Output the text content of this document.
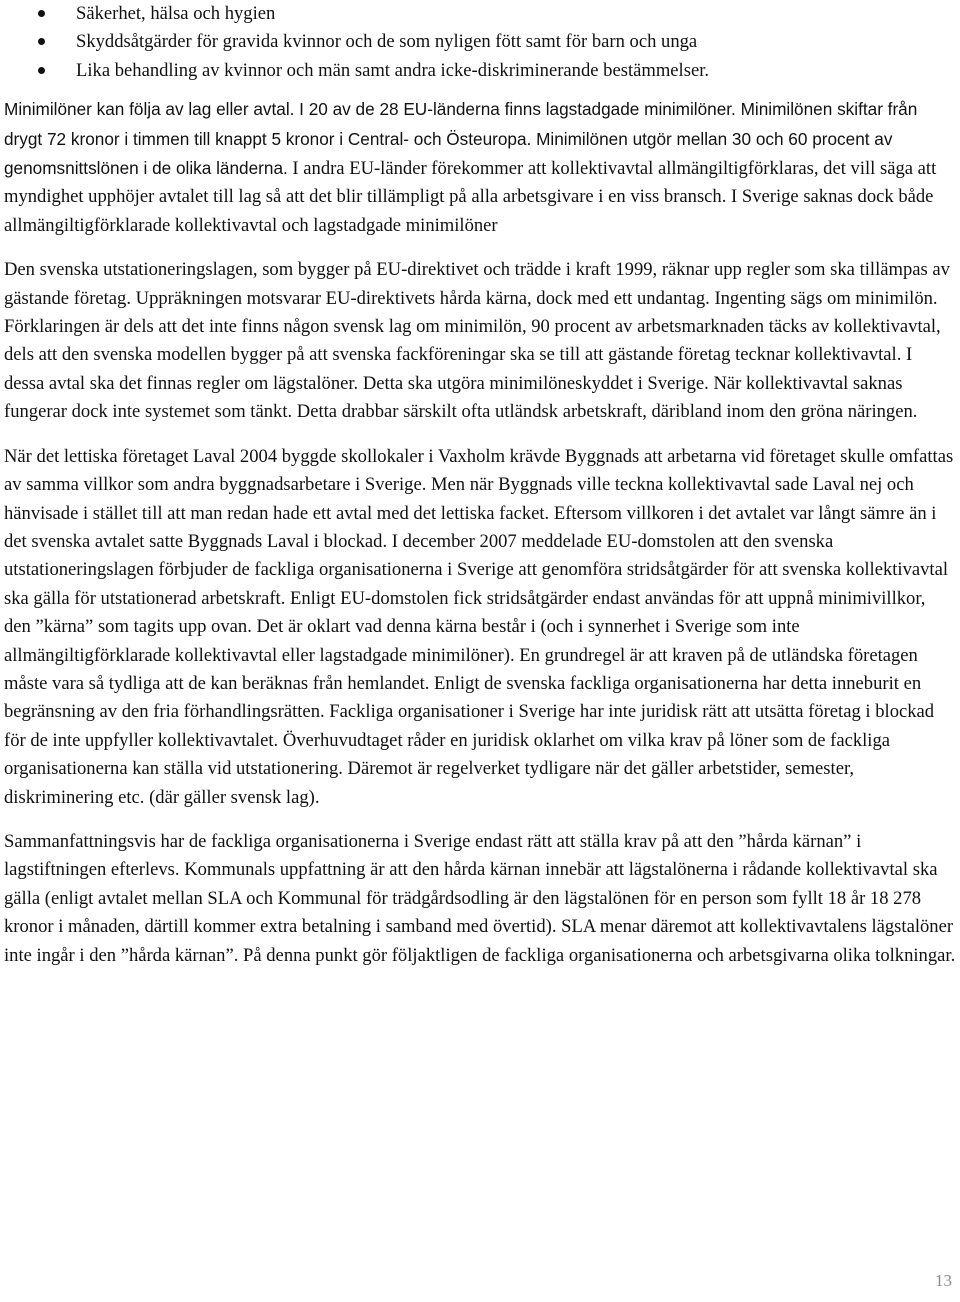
Säkerhet, hälsa och hygien
Skyddsåtgärder för gravida kvinnor och de som nyligen fött samt för barn och unga
Lika behandling av kvinnor och män samt andra icke-diskriminerande bestämmelser.

Minimilöner kan följa av lag eller avtal. I 20 av de 28 EU-länderna finns lagstadgade minimilöner. Minimilönen skiftar från drygt 72 kronor i timmen till knappt 5 kronor i Central- och Östeuropa. Minimilönen utgör mellan 30 och 60 procent av genomsnittslönen i de olika länderna. I andra EU-länder förekommer att kollektivavtal allmängiltigförklaras, det vill säga att myndighet upphöjer avtalet till lag så att det blir tillämpligt på alla arbetsgivare i en viss bransch. I Sverige saknas dock både allmängiltigförklarade kollektivavtal och lagstadgade minimilöner

Den svenska utstationeringslagen, som bygger på EU-direktivet och trädde i kraft 1999, räknar upp regler som ska tillämpas av gästande företag. Uppräkningen motsvarar EU-direktivets hårda kärna, dock med ett undantag. Ingenting sägs om minimilön. Förklaringen är dels att det inte finns någon svensk lag om minimilön, 90 procent av arbetsmarknaden täcks av kollektivavtal, dels att den svenska modellen bygger på att svenska fackföreningar ska se till att gästande företag tecknar kollektivavtal. I dessa avtal ska det finnas regler om lägstalöner. Detta ska utgöra minimilöneskyddet i Sverige. När kollektivavtal saknas fungerar dock inte systemet som tänkt. Detta drabbar särskilt ofta utländsk arbetskraft, däribland inom den gröna näringen.

När det lettiska företaget Laval 2004 byggde skollokaler i Vaxholm krävde Byggnads att arbetarna vid företaget skulle omfattas av samma villkor som andra byggnadsarbetare i Sverige. Men när Byggnads ville teckna kollektivavtal sade Laval nej och hänvisade i stället till att man redan hade ett avtal med det lettiska facket. Eftersom villkoren i det avtalet var långt sämre än i det svenska avtalet satte Byggnads Laval i blockad. I december 2007 meddelade EU-domstolen att den svenska utstationeringslagen förbjuder de fackliga organisationerna i Sverige att genomföra stridsåtgärder för att svenska kollektivavtal ska gälla för utstationerad arbetskraft. Enligt EU-domstolen fick stridsåtgärder endast användas för att uppnå minimivillkor, den ”kärna” som tagits upp ovan. Det är oklart vad denna kärna består i (och i synnerhet i Sverige som inte allmängiltigförklarade kollektivavtal eller lagstadgade minimilöner). En grundregel är att kraven på de utländska företagen måste vara så tydliga att de kan beräknas från hemlandet. Enligt de svenska fackliga organisationerna har detta inneburit en begränsning av den fria förhandlingsrätten. Fackliga organisationer i Sverige har inte juridisk rätt att utsätta företag i blockad för de inte uppfyller kollektivavtalet. Överhuvudtaget råder en juridisk oklarhet om vilka krav på löner som de fackliga organisationerna kan ställa vid utstationering. Däremot är regelverket tydligare när det gäller arbetstider, semester, diskriminering etc. (där gäller svensk lag).

Sammanfattningsvis har de fackliga organisationerna i Sverige endast rätt att ställa krav på att den ”hårda kärnan” i lagstiftningen efterlevs. Kommunals uppfattning är att den hårda kärnan innebär att lägstalönerna i rådande kollektivavtal ska gälla (enligt avtalet mellan SLA och Kommunal för trädgårdsodling är den lägstalönen för en person som fyllt 18 år 18 278 kronor i månaden, därtill kommer extra betalning i samband med övertid). SLA menar däremot att kollektivavtalens lägstalöner inte ingår i den ”hårda kärnan”. På denna punkt gör följaktligen de fackliga organisationerna och arbetsgivarna olika tolkningar.

13
